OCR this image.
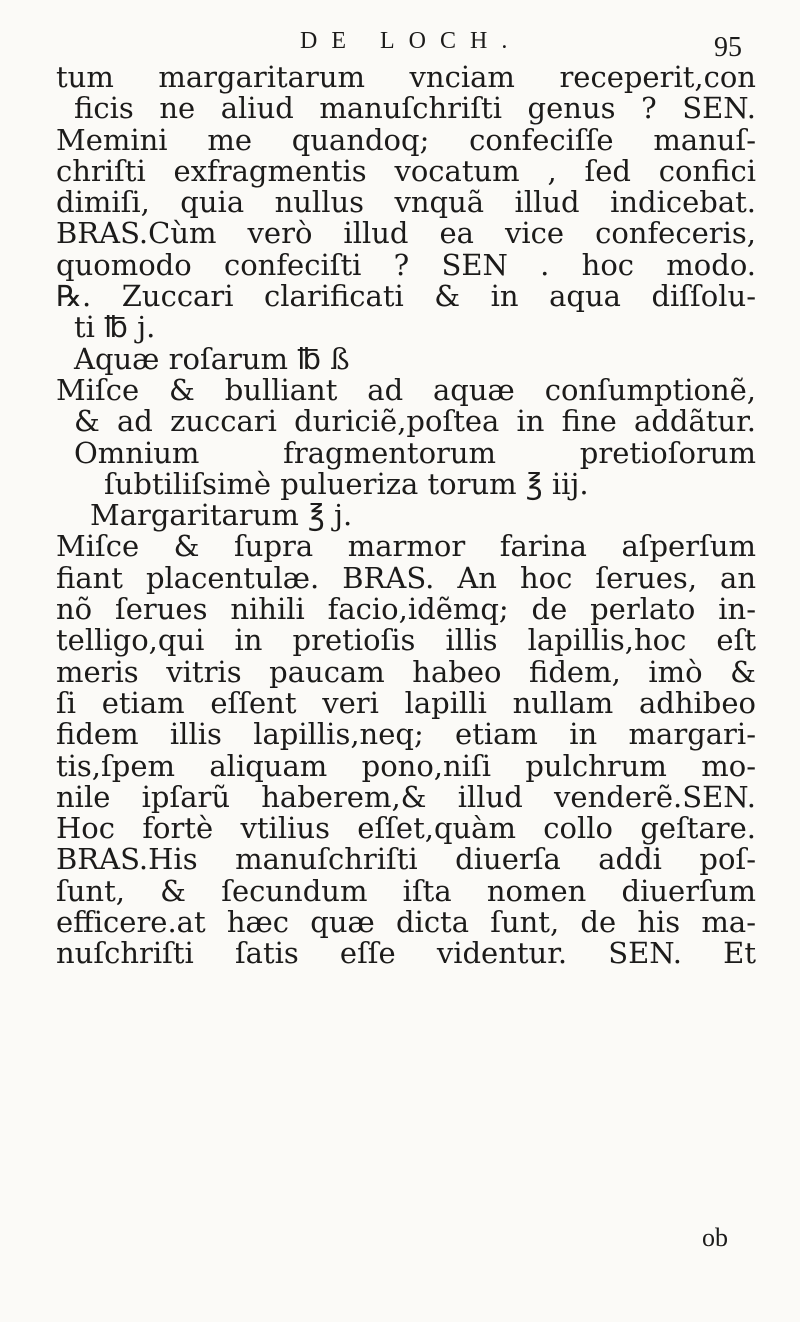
DE LOCH.	95
tum margaritarum vnciam receperit,con
ficis ne aliud manuſchriſti genus ? SEN.
Memini me quandoq; confeciſſe manuſ-
chriſti exfragmentis vocatum , ſed confici
dimiſi, quia nullus vnquã illud indicebat.
BRAS.Cùm verò illud ea vice confeceris,
quomodo confeciſti ? SEN . hoc modo.
℞. Zuccari clarificati & in aqua diſſolu-
ti ℔ j.
Aquæ roſarum ℔ ß
Miſce & bulliant ad aquæ conſumptionẽ,
& ad zuccari duriciẽ,poſtea in fine addãtur.
Omnium fragmentorum pretioſorum
ſubtiliſsimè pulueriza torum ℥ iij.
Margaritarum ℥ j.
Miſce & ſupra marmor farina aſperſum
fiant placentulæ. BRAS. An hoc ſerues, an
nõ ſerues nihili facio,idẽmq; de perlato in-
telligo,qui in pretioſis illis lapillis,hoc eſt
meris vitris paucam habeo fidem, imò &
ſi etiam eſſent veri lapilli nullam adhibeo
fidem illis lapillis,neq; etiam in margari-
tis,ſpem aliquam pono,niſi pulchrum mo-
nile ipſarũ haberem,& illud venderẽ.SEN.
Hoc fortè vtilius eſſet,quàm collo geſtare.
BRAS.His manuſchriſti diuerſa addi poſ-
ſunt, & ſecundum iſta nomen diuerſum
efficere.at hæc quæ dicta ſunt, de his ma-
nuſchriſti ſatis eſſe videntur. SEN. Et
ob
